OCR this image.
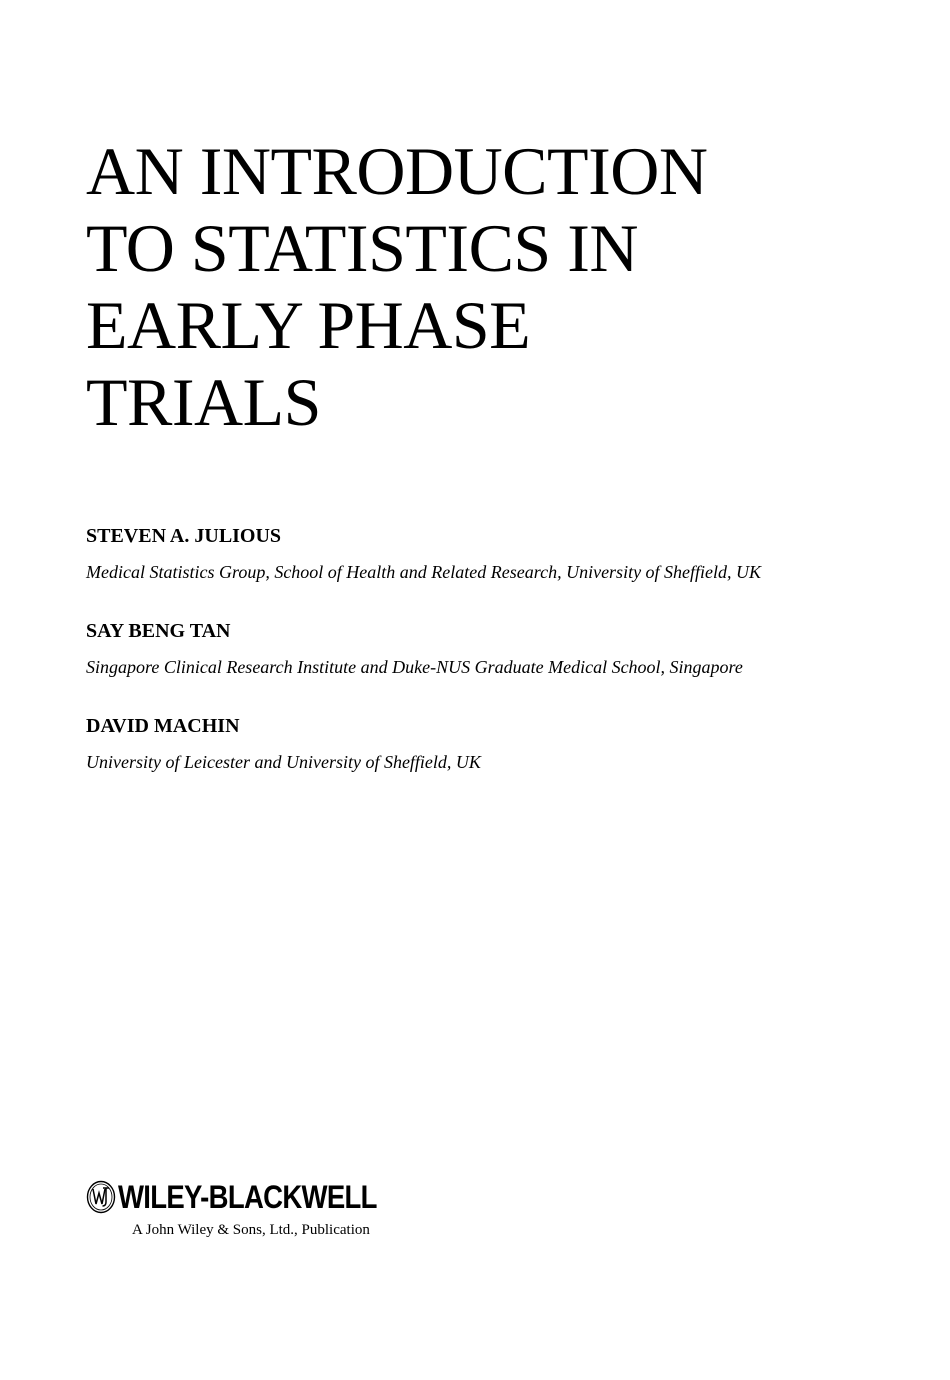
AN INTRODUCTION
TO STATISTICS IN
EARLY PHASE
TRIALS
STEVEN A. JULIOUS
Medical Statistics Group, School of Health and Related Research, University of Sheffield, UK
SAY BENG TAN
Singapore Clinical Research Institute and Duke-NUS Graduate Medical School, Singapore
DAVID MACHIN
University of Leicester and University of Sheffield, UK
WILEY-BLACKWELL
A John Wiley & Sons, Ltd., Publication
